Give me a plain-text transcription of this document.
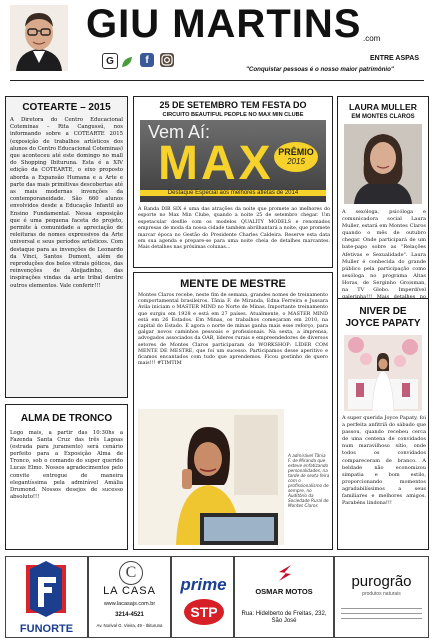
GIU MARTINS .com
G	f	ENTRE ASPAS
"Conquistar pessoas é o nosso maior patrimônio"
COTEARTE – 2015
A Diretora do Centro Educacional Coteminas – Rita Cangussú, nos informando sobre a COTEARTE 2015 (exposição de trabalhos artísticos dos alunos do Centro Educacional Coteminas) que aconteceu até este domingo no mall do Shopping Ibituruna. Esta é a XIV edição da COTEARTE, o eixo proposto aborda a Expansão Humana e a Arte e parte das mais primitivas descobertas até as mais modernas invenções da contemporaneidade. São 660 alunos envolvidos desde a Educação Infantil ao Ensino Fundamental. Nessa exposição que é uma pequena faceta do projeto, permite à comunidade a apreciação de releituras de nomes expressivos da Arte universal e seus períodos artísticos. Com destaque para as invenções de Leonardo da Vinci, Santos Dumont, além de reproduções dos belos vitrais góticos, das reinvenções de Aleijadinho, das inspirações vindas da arte tribal dentre outros elementos. Vale conferir!!!
ALMA DE TRONCO
Logo mais, a partir das 10:30hs a Fazenda Santa Cruz das três Lagoas (estrada para juramento) será cenário perfeito para a Exposição Alma de Tronco, sob o comando do super querido Lucas Elmo. Nossos agradecimentos pelo convite entregue de maneira elegantíssima pela admirável Amália Drumond. Nossos desejos de sucesso absoluto!!!
25 DE SETEMBRO TEM FESTA DO
CIRCUITO BEAUTIFUL PEOPLE NO MAX MIN CLUBE
Vem Aí:
MAX PRÊMIO
2015
Destaque Especial aos melhores atletas de 2014
A Banda DIB SIX é uma das atrações da noite que promete ao melhores do esporte no Max Min Clube, quando a noite 25 de setembro chegar. Um espetacular desfile com os modelos QUALITY MODELS e renomados empresas de moda da nossa cidade também abrilhantará a noite, que promete marcar época no Gestão do Presidente Charles Caldeira. Reserve esta data em sua agenda e prepare-se para uma noite cheia de detalhes marcantes. Mais detalhes nas próximas colunas...
MENTE DE MESTRE
Montes Claros recebe, neste fim de semana, grandes nomes de treinamento comportamental brasileiros. Tânia F. de Miranda, Edna Ferreira e Jussara Ávila iniciam o MASTER MIND no Norte de Minas. Importante treinamento que surgiu em 1928 e está em 27 países. Atualmente, o MASTER MIND está em 26 Estados. Em Minas, os trabalhos começaram em 2010, na capital do Estado. E agora o norte de minas ganha mais esse reforço, para galgar novos caminhos pessoais e profissionais. Na sexta, a imprensa, advogados associados da OAB, líderes rurais e empreendedores de diversos setores de Montes Claros participaram do WORKSHOP: LÍDER COM MENTE DE MESTRE, que foi um sucesso. Participamos desse aperitivo e ficamos encantados com tudo que aprendemos. Ficou gostinho de quero mais!!! #TIMTIM
A admirável Tânia F. de Miranda que esteve enfatizando personalidades, na tarde de sexta feira com o profissionalismo de sempre, no Auditório da Sociedade Rural de Montes Claros
LAURA MULLER
EM MONTES CLAROS
A sexóloga, psicóloga e comunicadora social Laura Muller, estará em Montes Claros quando o mês de outubro chegar. Onde participará de um bate-papo sobre as "Relações Afetivas e Sexualidade". Laura Muller é conhecida do grande público pela participação como sexóloga no programa Altas Horas, de Serginho Groisman, na TV Globo. Imperdível
NIVER DE
JOYCE PAPATY
A super querida Joyce Papaty, foi a perfeita anfitriã do sábado que passou, quando recebeu cerca de uma centena de convidados num maravilhoso sítio, onde todos os convidados compareceram de branco. A beldade não economizou simpatia e bom estilo, proporcionando momentos agradabilíssimos a seus familiares e melhores amigos. Parabéns lindona!!!
FUNORTE
C
LA CASA
www.lacasajs.com.br
3214-4521
Av. Norival G. Vieira, 49 - Ibituruna
prime
STP
OSMAR MOTOS
Rua: Hidelberto de Freitas, 232, São José
purogrão
produtos naturais
